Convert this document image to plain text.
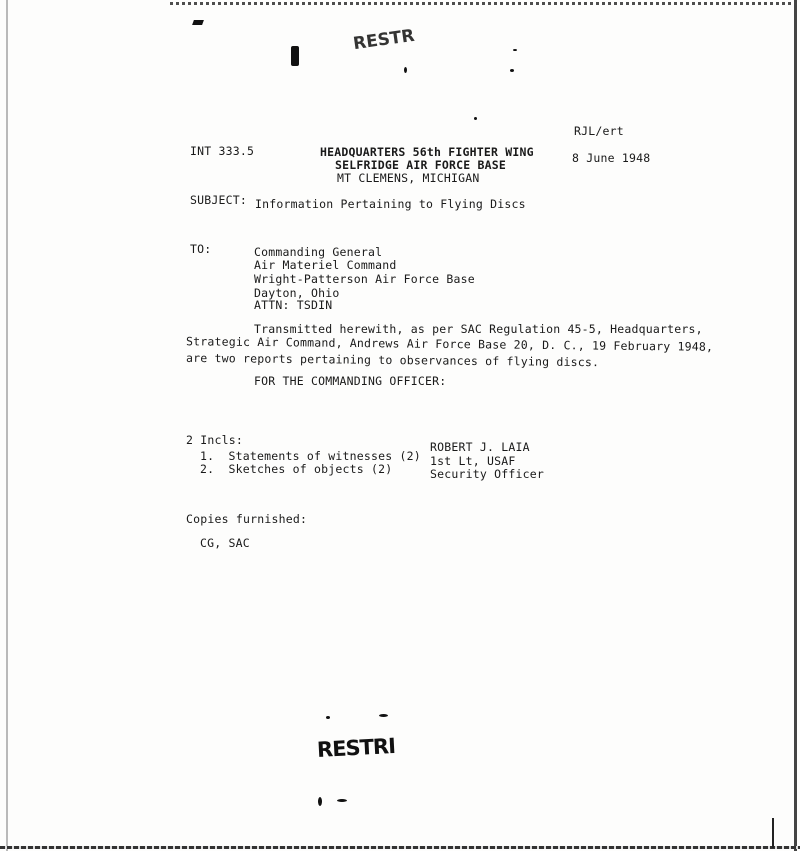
RESTR
RESTRI
INT 333.5	HEADQUARTERS 56th FIGHTER WING
SELFRIDGE AIR FORCE BASE
MT CLEMENS, MICHIGAN
RJL/ert
8 June 1948
SUBJECT: Information Pertaining to Flying Discs
TO:	Commanding General
Air Materiel Command
Wright-Patterson Air Force Base
Dayton, Ohio
ATTN: TSDIN
Transmitted herewith, as per SAC Regulation 45-5, Headquarters,
Strategic Air Command, Andrews Air Force Base 20, D. C., 19 February 1948,
are two reports pertaining to observances of flying discs.
FOR THE COMMANDING OFFICER:
2 Incls:
1.  Statements of witnesses (2)
2.  Sketches of objects (2)
ROBERT J. LAIA
1st Lt, USAF
Security Officer
Copies furnished:
CG, SAC
